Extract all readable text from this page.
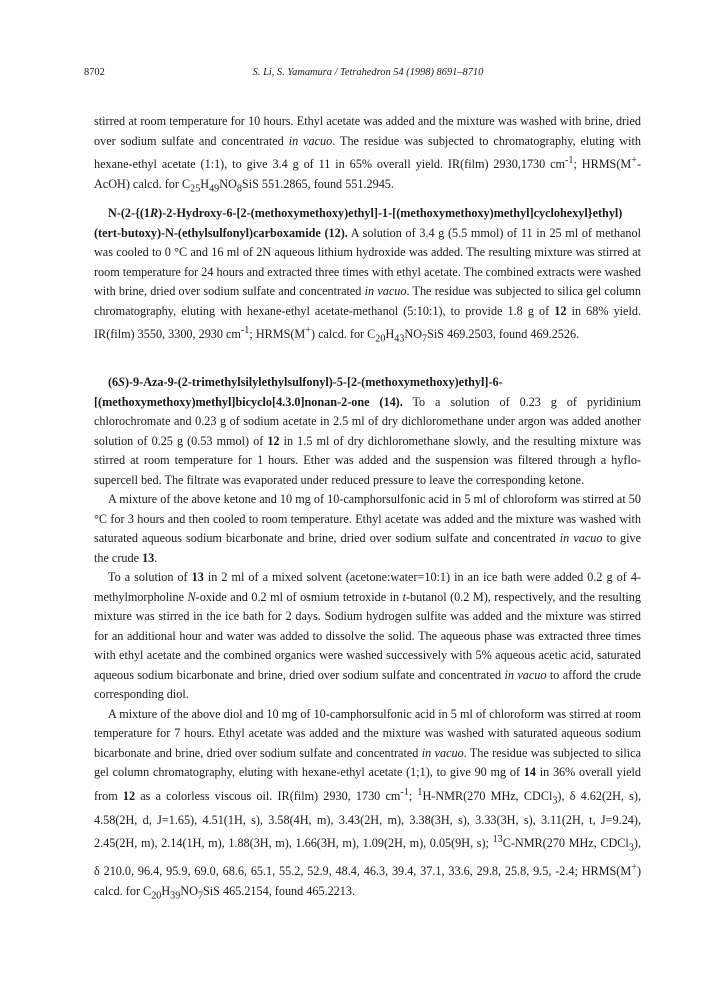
8702	S. Li, S. Yamamura / Tetrahedron 54 (1998) 8691–8710

stirred at room temperature for 10 hours. Ethyl acetate was added and the mixture was washed with brine, dried over sodium sulfate and concentrated in vacuo. The residue was subjected to chromatography, eluting with hexane-ethyl acetate (1:1), to give 3.4 g of 11 in 65% overall yield. IR(film) 2930,1730 $cm^{-1}$; HRMS(M+-AcOH) calcd. for $C_{25}H_{49}NO_8SiS$ 551.2865, found 551.2945.

N-(2-{(1R)-2-Hydroxy-6-[2-(methoxymethoxy)ethyl]-1-[(methoxymethoxy)methyl]cyclohexyl}ethyl)(tert-butoxy)-N-(ethylsulfonyl)carboxamide (12). A solution of 3.4 g (5.5 mmol) of 11 in 25 ml of methanol was cooled to 0 °C and 16 ml of 2N aqueous lithium hydroxide was added. The resulting mixture was stirred at room temperature for 24 hours and extracted three times with ethyl acetate. The combined extracts were washed with brine, dried over sodium sulfate and concentrated in vacuo. The residue was subjected to silica gel column chromatography, eluting with hexane-ethyl acetate-methanol (5:10:1), to provide 1.8 g of 12 in 68% yield. IR(film) 3550, 3300, 2930 $cm^{-1}$; HRMS(M+) calcd. for $C_{20}H_{43}NO_7SiS$ 469.2503, found 469.2526.

(6S)-9-Aza-9-(2-trimethylsilylethylsulfonyl)-5-[2-(methoxymethoxy)ethyl]-6-[(methoxymethoxy)methyl]bicyclo[4.3.0]nonan-2-one (14). To a solution of 0.23 g of pyridinium chlorochromate and 0.23 g of sodium acetate in 2.5 ml of dry dichloromethane under argon was added another solution of 0.25 g (0.53 mmol) of 12 in 1.5 ml of dry dichloromethane slowly, and the resulting mixture was stirred at room temperature for 1 hours. Ether was added and the suspension was filtered through a hyflo-supercell bed. The filtrate was evaporated under reduced pressure to leave the corresponding ketone.

A mixture of the above ketone and 10 mg of 10-camphorsulfonic acid in 5 ml of chloroform was stirred at 50 °C for 3 hours and then cooled to room temperature. Ethyl acetate was added and the mixture was washed with saturated aqueous sodium bicarbonate and brine, dried over sodium sulfate and concentrated in vacuo to give the crude 13.

To a solution of 13 in 2 ml of a mixed solvent (acetone:water=10:1) in an ice bath were added 0.2 g of 4-methylmorpholine N-oxide and 0.2 ml of osmium tetroxide in t-butanol (0.2 M), respectively, and the resulting mixture was stirred in the ice bath for 2 days. Sodium hydrogen sulfite was added and the mixture was stirred for an additional hour and water was added to dissolve the solid. The aqueous phase was extracted three times with ethyl acetate and the combined organics were washed successively with 5% aqueous acetic acid, saturated aqueous sodium bicarbonate and brine, dried over sodium sulfate and concentrated in vacuo to afford the crude corresponding diol.

A mixture of the above diol and 10 mg of 10-camphorsulfonic acid in 5 ml of chloroform was stirred at room temperature for 7 hours. Ethyl acetate was added and the mixture was washed with saturated aqueous sodium bicarbonate and brine, dried over sodium sulfate and concentrated in vacuo. The residue was subjected to silica gel column chromatography, eluting with hexane-ethyl acetate (1;1), to give 90 mg of 14 in 36% overall yield from 12 as a colorless viscous oil. IR(film) 2930, 1730 $cm^{-1}$; $^1$H-NMR(270 MHz, CDCl$_3$), δ 4.62(2H, s), 4.58(2H, d, J=1.65), 4.51(1H, s), 3.58(4H, m), 3.43(2H, m), 3.38(3H, s), 3.33(3H, s), 3.11(2H, t, J=9.24), 2.45(2H, m), 2.14(1H, m), 1.88(3H, m), 1.66(3H, m), 1.09(2H, m), 0.05(9H, s); $^{13}$C-NMR(270 MHz, CDCl$_3$), δ 210.0, 96.4, 95.9, 69.0, 68.6, 65.1, 55.2, 52.9, 48.4, 46.3, 39.4, 37.1, 33.6, 29.8, 25.8, 9.5, -2.4; HRMS(M+) calcd. for $C_{20}H_{39}NO_7SiS$ 465.2154, found 465.2213.
